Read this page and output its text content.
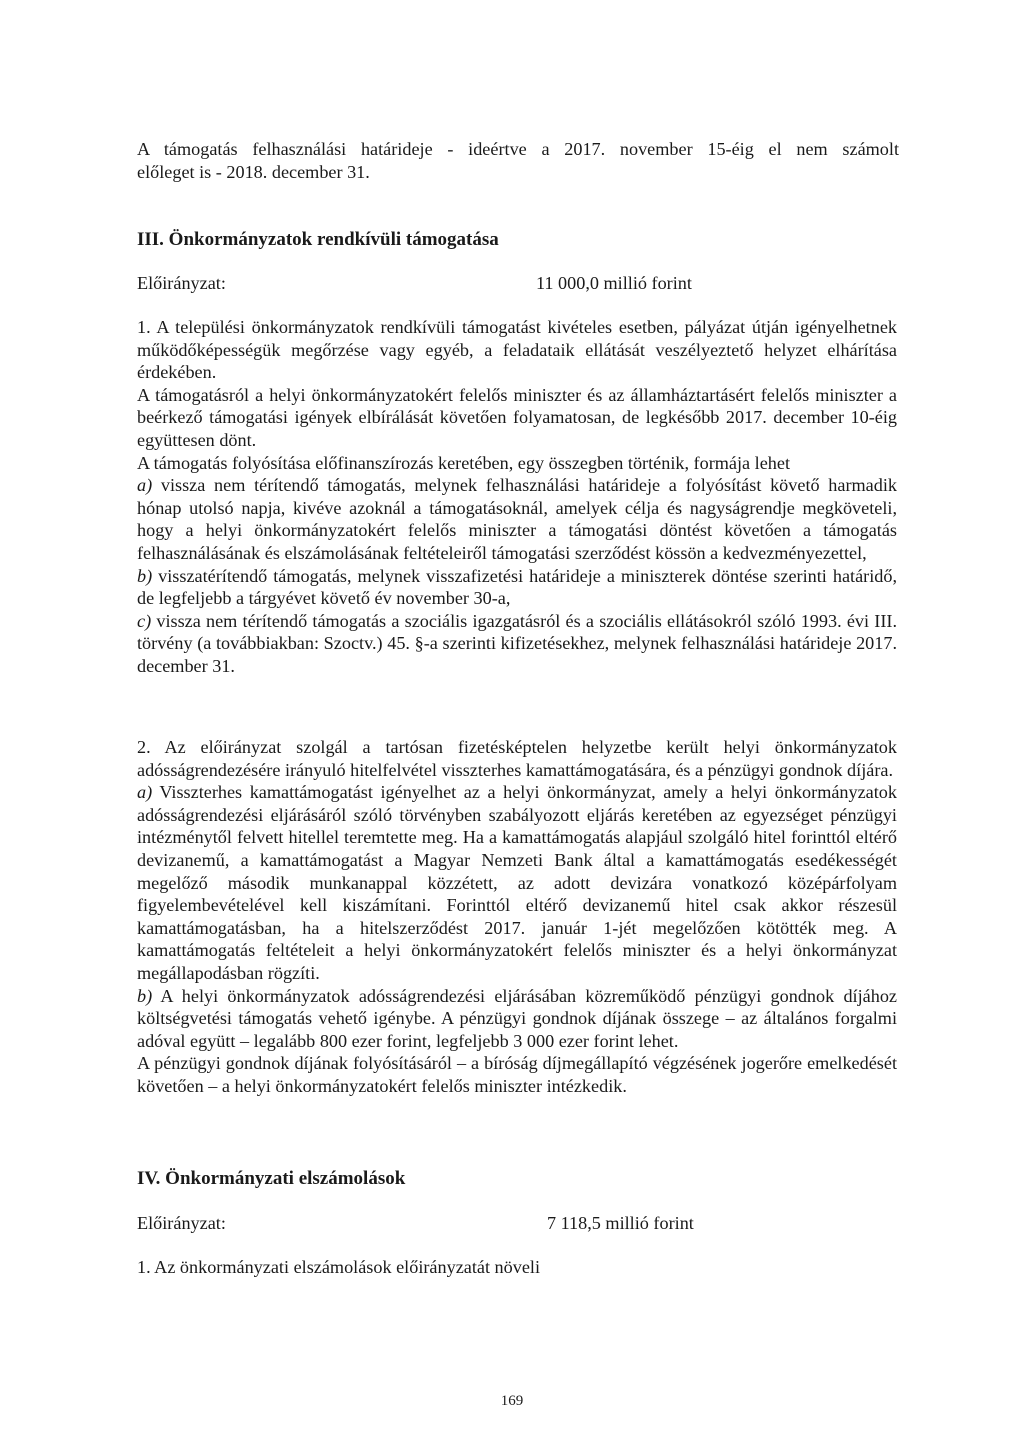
A támogatás felhasználási határideje - ideértve a 2017. november 15-éig el nem számolt
előleget is - 2018. december 31.
III. Önkormányzatok rendkívüli támogatása
Előirányzat:	11 000,0 millió forint

1. A települési önkormányzatok rendkívüli támogatást kivételes esetben, pályázat útján igényelhetnek működőképességük megőrzése vagy egyéb, a feladataik ellátását veszélyeztető helyzet elhárítása érdekében.

A támogatásról a helyi önkormányzatokért felelős miniszter és az államháztartásért felelős miniszter a beérkező támogatási igények elbírálását követően folyamatosan, de legkésőbb 2017. december 10-éig együttesen dönt.

A támogatás folyósítása előfinanszírozás keretében, egy összegben történik, formája lehet

a) vissza nem térítendő támogatás, melynek felhasználási határideje a folyósítást követő harmadik hónap utolsó napja, kivéve azoknál a támogatásoknál, amelyek célja és nagyságrendje megköveteli, hogy a helyi önkormányzatokért felelős miniszter a támogatási döntést követően a támogatás felhasználásának és elszámolásának feltételeiről támogatási szerződést kössön a kedvezményezettel,

b) visszatérítendő támogatás, melynek visszafizetési határideje a miniszterek döntése szerinti határidő, de legfeljebb a tárgyévet követő év november 30-a,

c) vissza nem térítendő támogatás a szociális igazgatásról és a szociális ellátásokról szóló 1993. évi III. törvény (a továbbiakban: Szoctv.) 45. §-a szerinti kifizetésekhez, melynek felhasználási határideje 2017. december 31.

2. Az előirányzat szolgál a tartósan fizetésképtelen helyzetbe került helyi önkormányzatok adósságrendezésére irányuló hitelfelvétel visszterhes kamattámogatására, és a pénzügyi gondnok díjára.

a) Visszterhes kamattámogatást igényelhet az a helyi önkormányzat, amely a helyi önkormányzatok adósságrendezési eljárásáról szóló törvényben szabályozott eljárás keretében az egyezséget pénzügyi intézménytől felvett hitellel teremtette meg. Ha a kamattámogatás alapjául szolgáló hitel forinttól eltérő devizanemű, a kamattámogatást a Magyar Nemzeti Bank által a kamattámogatás esedékességét megelőző második munkanappal közzétett, az adott devizára vonatkozó középárfolyam figyelembevételével kell kiszámítani. Forinttól eltérő devizanemű hitel csak akkor részesül kamattámogatásban, ha a hitelszerződést 2017. január 1-jét megelőzően kötötték meg. A kamattámogatás feltételeit a helyi önkormányzatokért felelős miniszter és a helyi önkormányzat megállapodásban rögzíti.

b) A helyi önkormányzatok adósságrendezési eljárásában közreműködő pénzügyi gondnok díjához költségvetési támogatás vehető igénybe. A pénzügyi gondnok díjának összege – az általános forgalmi adóval együtt – legalább 800 ezer forint, legfeljebb 3 000 ezer forint lehet.

A pénzügyi gondnok díjának folyósításáról – a bíróság díjmegállapító végzésének jogerőre emelkedését követően – a helyi önkormányzatokért felelős miniszter intézkedik.

IV. Önkormányzati elszámolások
Előirányzat:	7 118,5 millió forint
1. Az önkormányzati elszámolások előirányzatát növeli
169
